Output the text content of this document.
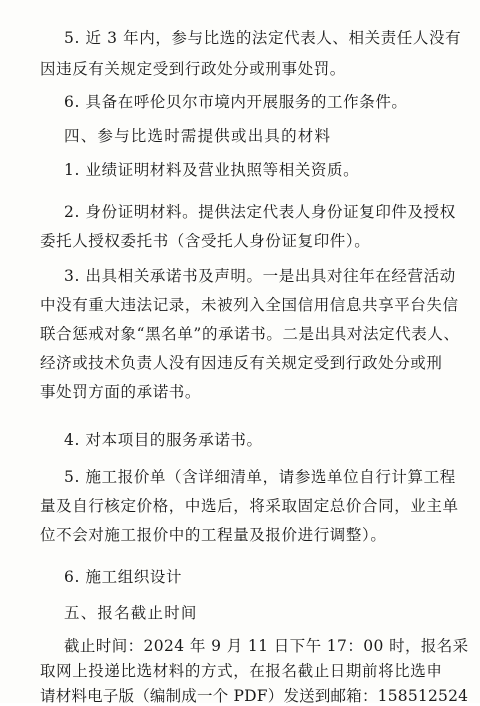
5. 近 3 年内，参与比选的法定代表人、相关责任人没有
因违反有关规定受到行政处分或刑事处罚。
6. 具备在呼伦贝尔市境内开展服务的工作条件。
四、参与比选时需提供或出具的材料
1. 业绩证明材料及营业执照等相关资质。
2. 身份证明材料。提供法定代表人身份证复印件及授权
委托人授权委托书（含受托人身份证复印件）。
3. 出具相关承诺书及声明。一是出具对往年在经营活动
中没有重大违法记录，未被列入全国信用信息共享平台失信
联合惩戒对象“黑名单”的承诺书。二是出具对法定代表人、
经济或技术负责人没有因违反有关规定受到行政处分或刑
事处罚方面的承诺书。
4. 对本项目的服务承诺书。
5. 施工报价单（含详细清单，请参选单位自行计算工程
量及自行核定价格，中选后，将采取固定总价合同，业主单
位不会对施工报价中的工程量及报价进行调整）。
6. 施工组织设计
五、报名截止时间
截止时间：2024 年 9 月 11 日下午 17：00 时，报名采
取网上投递比选材料的方式，在报名截止日期前将比选申
请材料电子版（编制成一个 PDF）发送到邮箱：158512524
